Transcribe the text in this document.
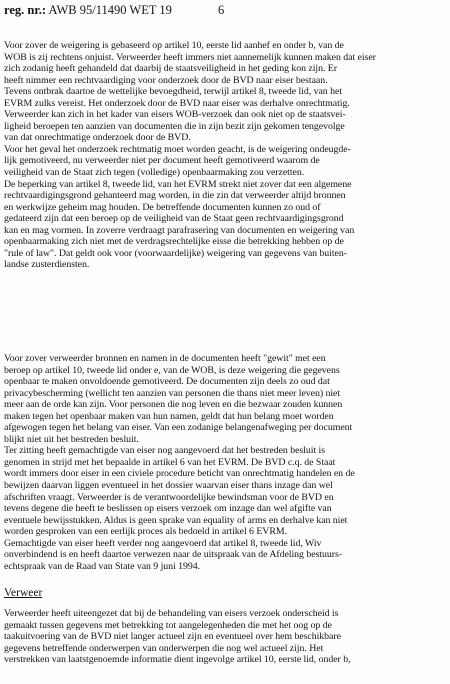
reg. nr.: AWB 95/11490 WET 19	6
Voor zover de weigering is gebaseerd op artikel 10, eerste lid aanhef en onder b, van de
WOB is zij rechtens onjuist. Verweerder heeft immers niet aannemelijk kunnen maken dat eiser
zich zodanig heeft gehandeld dat daarbij de staatsveiligheid in het geding kon zijn. Er
heeft nimmer een rechtvaardiging voor onderzoek door de BVD naar eiser bestaan.
Tevens ontbrak daartoe de wettelijke bevoegdheid, terwijl artikel 8, tweede lid, van het
EVRM zulks vereist. Het onderzoek door de BVD naar eiser was derhalve onrechtmatig.
Verweerder kan zich in het kader van eisers WOB-verzoek dan ook niet op de staatsvei-
ligheid beroepen ten aanzien van documenten die in zijn bezit zijn gekomen tengevolge
van dat onrechtmatige onderzoek door de BVD.
Voor het geval het onderzoek rechtmatig moet worden geacht, is de weigering ondeugde-
lijk gemotiveerd, nu verweerder niet per document heeft gemotiveerd waarom de
veiligheid van de Staat zich tegen (volledige) openbaarmaking zou verzetten.
De beperking van artikel 8, tweede lid, van het EVRM strekt niet zover dat een algemene
rechtvaardigingsgrond gehanteerd mag worden, in die zin dat verweerder altijd bronnen
en werkwijze geheim mag houden. De betreffende documenten kunnen zo oud of
gedateerd zijn dat een beroep op de veiligheid van de Staat geen rechtvaardigingsgrond
kan en mag vormen. In zoverre verdraagt parafrasering van documenten en weigering van
openbaarmaking zich niet met de verdragsrechtelijke eisse die betrekking hebben op de
"rule of law". Dat geldt ook voor (voorwaardelijke) weigering van gegevens van buiten-
landse zusterdiensten.
Voor zover verweerder bronnen en namen in de documenten heeft "gewit" met een
beroep op artikel 10, tweede lid onder e, van de WOB, is deze weigering die gegevens
openbaar te maken onvoldoende gemotiveerd. De documenten zijn deels zo oud dat
privacybescherming (wellicht ten aanzien van personen die thans niet meer leven) niet
meer aan de orde kan zijn. Voor personen die nog leven en die bezwaar zouden kunnen
maken tegen het openbaar maken van hun namen, geldt dat hun belang moet worden
afgewogen tegen het belang van eiser. Van een zodanige belangenafweging per document
blijkt niet uit het bestreden besluit.
Ter zitting heeft gemachtigde van eiser nog aangevoerd dat het bestreden besluit is
genomen in strijd met het bepaalde in artikel 6 van het EVRM. De BVD c.q. de Staat
wordt immers door eiser in een civiele procedure beticht van onrechtmatig handelen en de
bewijzen daarvan liggen eventueel in het dossier waarvan eiser thans inzage dan wel
afschriften vraagt. Verweerder is de verantwoordelijke bewindsman voor de BVD en
tevens degene die heeft te beslissen op eisers verzoek om inzage dan wel afgifte van
eventuele bewijsstukken. Aldus is geen sprake van equality of arms en derhalve kan niet
worden gesproken van een eerlijk proces als bedoeld in artikel 6 EVRM.
Gemachtigde van eiser heeft verder nog aangevoerd dat artikel 8, tweede lid, Wiv
onverbindend is en heeft daartoe verwezen naar de uitspraak van de Afdeling bestuurs-
echtspraak van de Raad van State van 9 juni 1994.
Verweer
Verweerder heeft uiteengezet dat bij de behandeling van eisers verzoek onderscheid is
gemaakt tussen gegevens met betrekking tot aangelegenheden die met het oog op de
taakuitvoering van de BVD niet langer actueel zijn en eventueel over hem beschikbare
gegevens betreffende onderwerpen van onderwerpen die nog wel actueel zijn. Het
verstrekken van laatstgenoemde informatie dient ingevolge artikel 10, eerste lid, onder b,
